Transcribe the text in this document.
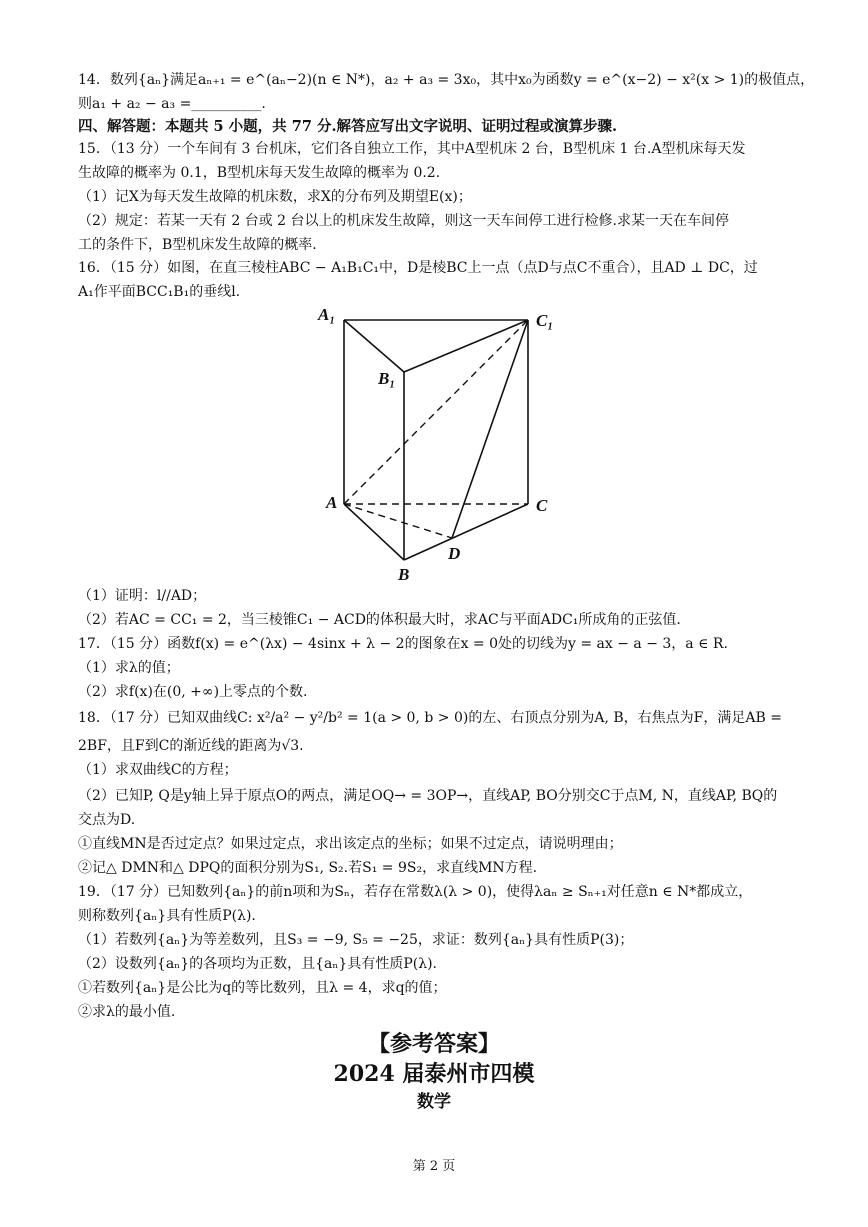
14．数列{aₙ}满足aₙ₊₁ = e^(aₙ−2)(n ∈ N*)，a₂ + a₃ = 3x₀，其中x₀为函数y = e^(x−2) − x²(x > 1)的极值点，
则a₁ + a₂ − a₃ =__________.
四、解答题：本题共 5 小题，共 77 分.解答应写出文字说明、证明过程或演算步骤.
15．（13 分）一个车间有 3 台机床，它们各自独立工作，其中A型机床 2 台，B型机床 1 台.A型机床每天发
生故障的概率为 0.1，B型机床每天发生故障的概率为 0.2.
（1）记X为每天发生故障的机床数，求X的分布列及期望E(x)；
（2）规定：若某一天有 2 台或 2 台以上的机床发生故障，则这一天车间停工进行检修.求某一天在车间停
工的条件下，B型机床发生故障的概率.
16．（15 分）如图，在直三棱柱ABC − A₁B₁C₁中，D是棱BC上一点（点D与点C不重合），且AD ⊥ DC，过
A₁作平面BCC₁B₁的垂线l.
（1）证明：l//AD；
（2）若AC = CC₁ = 2，当三棱锥C₁ − ACD的体积最大时，求AC与平面ADC₁所成角的正弦值.
17．（15 分）函数f(x) = e^(λx) − 4sinx + λ − 2的图象在x = 0处的切线为y = ax − a − 3，a ∈ R.
（1）求λ的值；
（2）求f(x)在(0, +∞)上零点的个数.
18．（17 分）已知双曲线C: x²/a² − y²/b² = 1(a > 0, b > 0)的左、右顶点分别为A, B，右焦点为F，满足AB =
2BF，且F到C的渐近线的距离为√3.
（1）求双曲线C的方程；
（2）已知P, Q是y轴上异于原点O的两点，满足OQ→ = 3OP→，直线AP, BO分别交C于点M, N，直线AP, BQ的
交点为D.
①直线MN是否过定点？如果过定点，求出该定点的坐标；如果不过定点，请说明理由；
②记△ DMN和△ DPQ的面积分别为S₁, S₂.若S₁ = 9S₂，求直线MN方程.
19．（17 分）已知数列{aₙ}的前n项和为Sₙ，若存在常数λ(λ > 0)，使得λaₙ ≥ Sₙ₊₁对任意n ∈ N*都成立，
则称数列{aₙ}具有性质P(λ).
（1）若数列{aₙ}为等差数列，且S₃ = −9, S₅ = −25，求证：数列{aₙ}具有性质P(3)；
（2）设数列{aₙ}的各项均为正数，且{aₙ}具有性质P(λ).
①若数列{aₙ}是公比为q的等比数列，且λ = 4，求q的值；
②求λ的最小值.
A₁
B₁
C₁
A
B
C
D
【参考答案】
2024 届泰州市四模
数学
第 2 页
